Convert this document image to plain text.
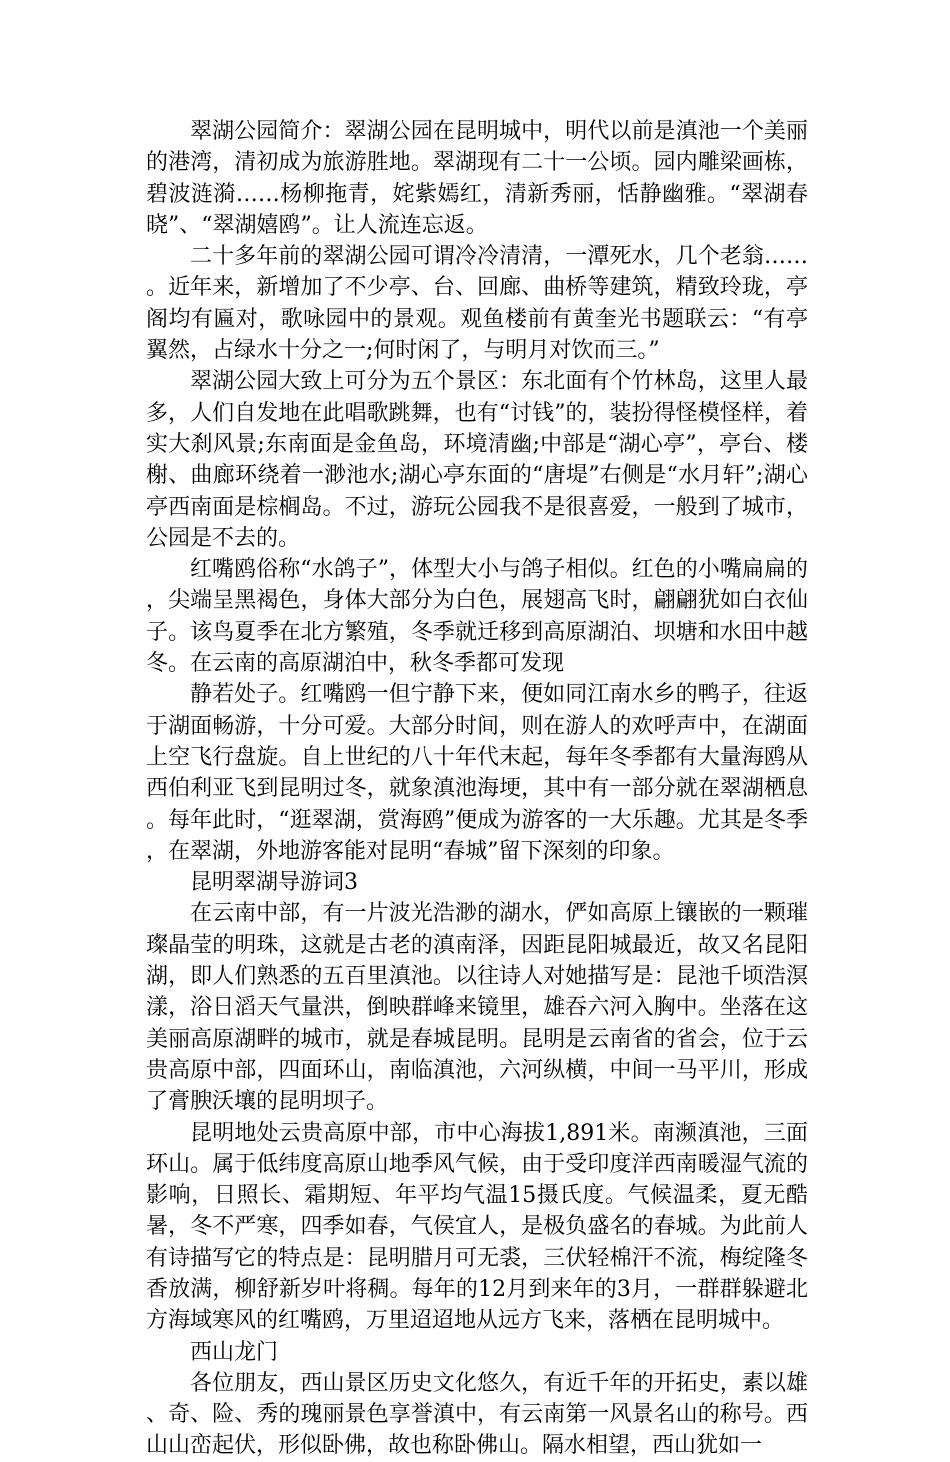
翠湖公园简介：翠湖公园在昆明城中，明代以前是滇池一个美丽的港湾，清初成为旅游胜地。翠湖现有二十一公顷。园内雕梁画栋，碧波涟漪……杨柳拖青，姹紫嫣红，清新秀丽，恬静幽雅。“翠湖春晓”、“翠湖嬉鸥”。让人流连忘返。

二十多年前的翠湖公园可谓冷冷清清，一潭死水，几个老翁……。近年来，新增加了不少亭、台、回廊、曲桥等建筑，精致玲珑，亭阁均有匾对，歌咏园中的景观。观鱼楼前有黄奎光书题联云：“有亭翼然，占绿水十分之一;何时闲了，与明月对饮而三。”

翠湖公园大致上可分为五个景区：东北面有个竹林岛，这里人最多，人们自发地在此唱歌跳舞，也有“讨钱”的，装扮得怪模怪样，着实大刹风景;东南面是金鱼岛，环境清幽;中部是“湖心亭”，亭台、楼榭、曲廊环绕着一渺池水;湖心亭东面的“唐堤”右侧是“水月轩”;湖心亭西南面是棕榈岛。不过，游玩公园我不是很喜爱，一般到了城市，公园是不去的。

红嘴鸥俗称“水鸽子”，体型大小与鸽子相似。红色的小嘴扁扁的，尖端呈黑褐色，身体大部分为白色，展翅高飞时，翩翩犹如白衣仙子。该鸟夏季在北方繁殖，冬季就迁移到高原湖泊、坝塘和水田中越冬。在云南的高原湖泊中，秋冬季都可发现

静若处子。红嘴鸥一但宁静下来，便如同江南水乡的鸭子，往返于湖面畅游，十分可爱。大部分时间，则在游人的欢呼声中，在湖面上空飞行盘旋。自上世纪的八十年代末起，每年冬季都有大量海鸥从西伯利亚飞到昆明过冬，就象滇池海埂，其中有一部分就在翠湖栖息。每年此时，“逛翠湖，赏海鸥”便成为游客的一大乐趣。尤其是冬季，在翠湖，外地游客能对昆明“春城”留下深刻的印象。

昆明翠湖导游词3

在云南中部，有一片波光浩渺的湖水，俨如高原上镶嵌的一颗璀璨晶莹的明珠，这就是古老的滇南泽，因距昆阳城最近，故又名昆阳湖，即人们熟悉的五百里滇池。以往诗人对她描写是：昆池千顷浩溟漾，浴日滔天气量洪，倒映群峰来镜里，雄吞六河入胸中。坐落在这美丽高原湖畔的城市，就是春城昆明。昆明是云南省的省会，位于云贵高原中部，四面环山，南临滇池，六河纵横，中间一马平川，形成了膏腴沃壤的昆明坝子。

昆明地处云贵高原中部，市中心海拔1,891米。南濒滇池，三面环山。属于低纬度高原山地季风气候，由于受印度洋西南暖湿气流的影响，日照长、霜期短、年平均气温15摄氏度。气候温柔，夏无酷暑，冬不严寒，四季如春，气侯宜人，是极负盛名的春城。为此前人有诗描写它的特点是：昆明腊月可无裘，三伏轻棉汗不流，梅绽隆冬香放满，柳舒新岁叶将稠。每年的12月到来年的3月，一群群躲避北方海域寒风的红嘴鸥，万里迢迢地从远方飞来，落栖在昆明城中。

西山龙门

各位朋友，西山景区历史文化悠久，有近千年的开拓史，素以雄、奇、险、秀的瑰丽景色享誉滇中，有云南第一风景名山的称号。西山山峦起伏，形似卧佛，故也称卧佛山。隔水相望，西山犹如一
